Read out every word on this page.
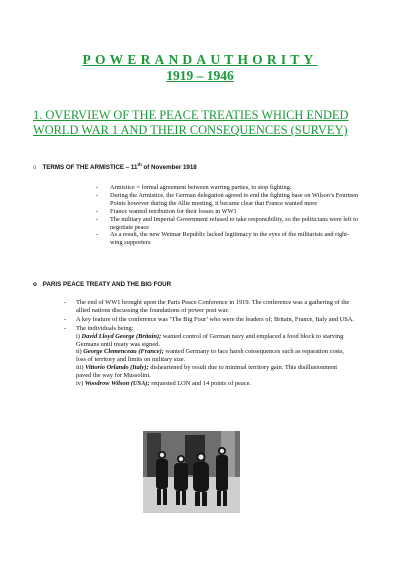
POWERANDAUTHORITY
1919 – 1946
1. OVERVIEW OF THE PEACE TREATIES WHICH ENDED WORLD WAR 1 AND THEIR CONSEQUENCES (SURVEY)
o TERMS OF THE ARMISTICE – 11th of November 1918
- Armistice = formal agreement between warring parties, to stop fighting.
- During the Armistice, the German delegation agreed to end the fighting base on Wilson’s Fourteen Points however during the Allie meeting, it became clear that France wanted more
- France wanted retribution for their losses in WW1
- The military and Imperial Government refused to take responsibility, so the politicians were left to negotiate peace
- As a result, the new Weimar Republic lacked legitimacy in the eyes of the militarists and right-wing supporters
o PARIS PEACE TREATY AND THE BIG FOUR
- The end of WW1 brought upon the Paris Peace Conference in 1919. The conference was a gathering of the allied nations discussing the foundations of power post war.
- A key feature of the conference was ‘The Big Four’ who were the leaders of; Britain, France, Italy and USA.
- The individuals being:
i) David Lloyd George (Britain); wanted control of German navy and emplaced a food block to starving Germans until treaty was signed.
ii) George Clemenceau (France); wanted Germany to face harsh consequences such as reparation costs, loss of territory and limits on military size.
iii) Vittorio Orlando (Italy); disheartened by result due to minimal territory gain. This disillusionment paved the way for Mussolini.
iv) Woodrow Wilson (USA); requested LON and 14 points of peace.
